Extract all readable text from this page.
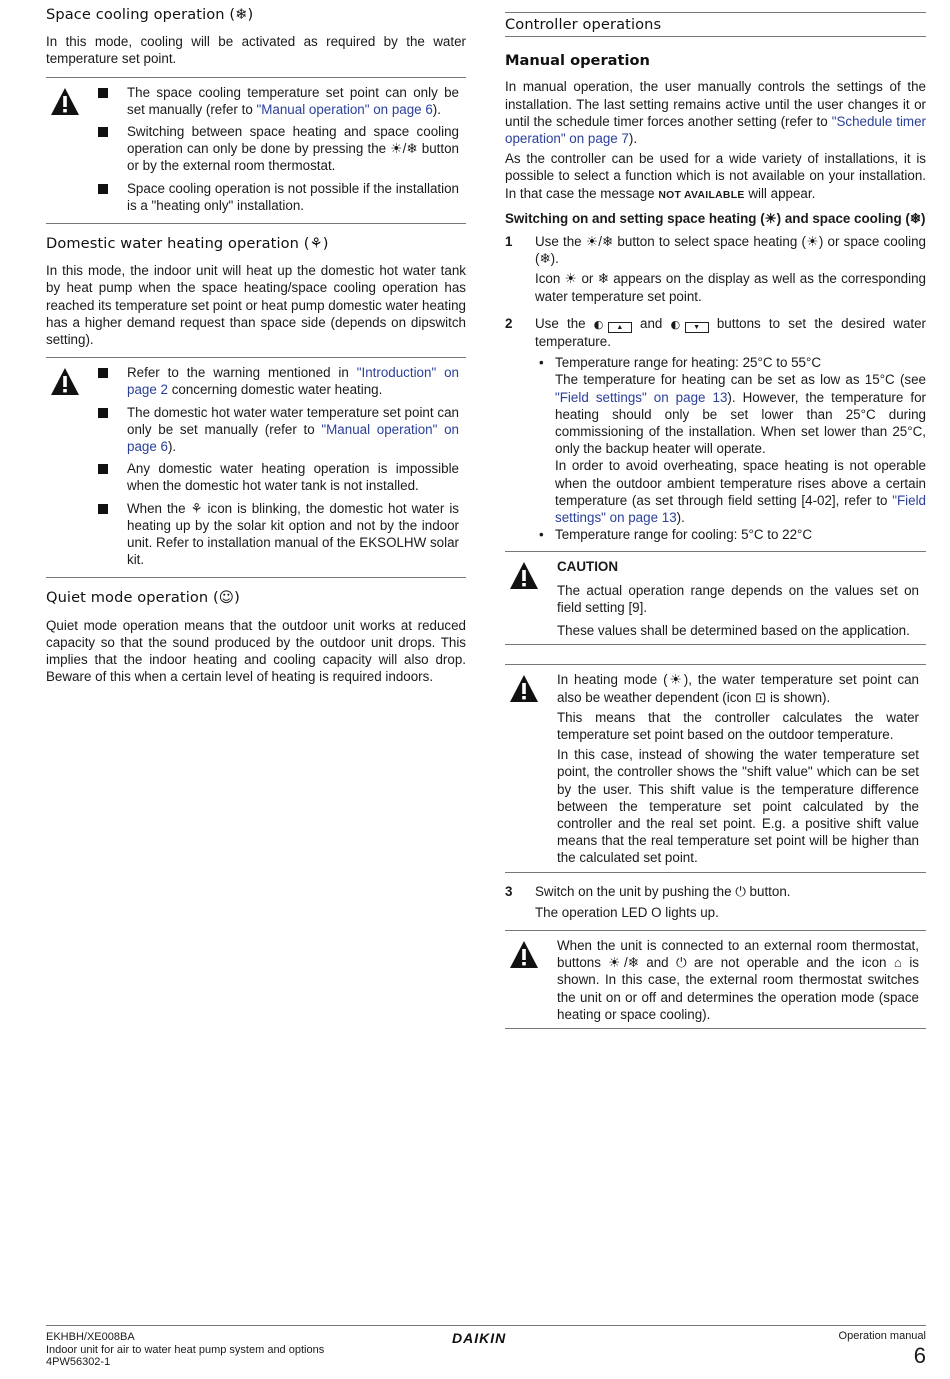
Space cooling operation (❄)

In this mode, cooling will be activated as required by the water temperature set point.

The space cooling temperature set point can only be set manually (refer to "Manual operation" on page 6).

Switching between space heating and space cooling operation can only be done by pressing the ☀/❄ button or by the external room thermostat.

Space cooling operation is not possible if the installation is a "heating only" installation.

Domestic water heating operation (⚘)

In this mode, the indoor unit will heat up the domestic hot water tank by heat pump when the space heating/space cooling operation has reached its temperature set point or heat pump domestic water heating has a higher demand request than space side (depends on dipswitch setting).

Refer to the warning mentioned in "Introduction" on page 2 concerning domestic water heating.

The domestic hot water water temperature set point can only be set manually (refer to "Manual operation" on page 6).

Any domestic water heating operation is impossible when the domestic hot water tank is not installed.

When the ⚘ icon is blinking, the domestic hot water is heating up by the solar kit option and not by the indoor unit. Refer to installation manual of the EKSOLHW solar kit.

Quiet mode operation (☺)

Quiet mode operation means that the outdoor unit works at reduced capacity so that the sound produced by the outdoor unit drops. This implies that the indoor heating and cooling capacity will also drop. Beware of this when a certain level of heating is required indoors.

Controller operations
Manual operation

In manual operation, the user manually controls the settings of the installation. The last setting remains active until the user changes it or until the schedule timer forces another setting (refer to "Schedule timer operation" on page 7).

As the controller can be used for a wide variety of installations, it is possible to select a function which is not available on your installation. In that case the message NOT AVAILABLE will appear.

Switching on and setting space heating (☀) and space cooling (❄)

1	Use the ☀/❄ button to select space heating (☀) or space cooling (❄).

Icon ☀ or ❄ appears on the display as well as the corresponding water temperature set point.

2	Use the ◐ ▲ and ◐ ▼ buttons to set the desired water temperature.

• Temperature range for heating: 25°C to 55°C

The temperature for heating can be set as low as 15°C (see "Field settings" on page 13). However, the temperature for heating should only be set lower than 25°C during commissioning of the installation. When set lower than 25°C, only the backup heater will operate.

In order to avoid overheating, space heating is not operable when the outdoor ambient temperature rises above a certain temperature (as set through field setting [4-02], refer to "Field settings" on page 13).

• Temperature range for cooling: 5°C to 22°C

CAUTION

The actual operation range depends on the values set on field setting [9].

These values shall be determined based on the application.

In heating mode (☀), the water temperature set point can also be weather dependent (icon ⊡ is shown).

This means that the controller calculates the water temperature set point based on the outdoor temperature.

In this case, instead of showing the water temperature set point, the controller shows the "shift value" which can be set by the user. This shift value is the temperature difference between the temperature set point calculated by the controller and the real set point. E.g. a positive shift value means that the real temperature set point will be higher than the calculated set point.

3	Switch on the unit by pushing the ⏻ button.

The operation LED O lights up.

When the unit is connected to an external room thermostat, buttons ☀/❄ and ⏻ are not operable and the icon ⌂ is shown. In this case, the external room thermostat switches the unit on or off and determines the operation mode (space heating or space cooling).

EKHBH/XE008BA
Indoor unit for air to water heat pump system and options
4PW56302-1
DAIKIN	Operation manual
6
